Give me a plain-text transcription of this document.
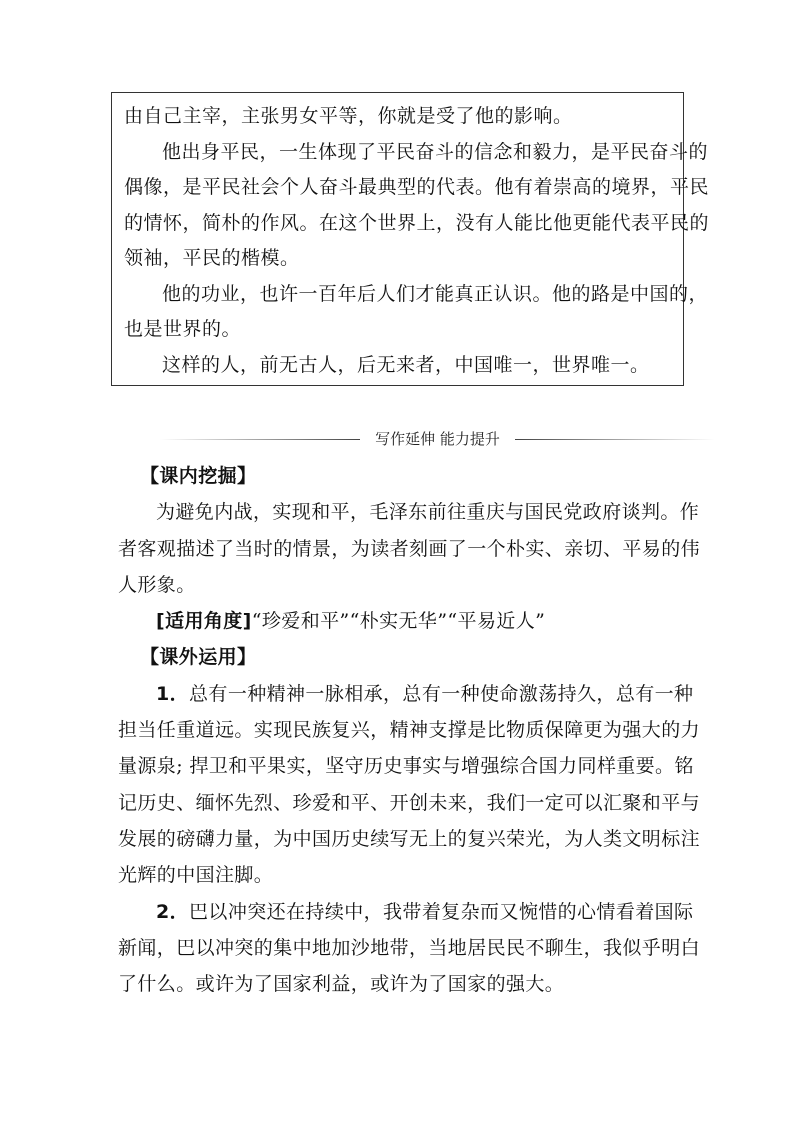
由自己主宰，主张男女平等，你就是受了他的影响。

他出身平民，一生体现了平民奋斗的信念和毅力，是平民奋斗的
偶像，是平民社会个人奋斗最典型的代表。他有着崇高的境界，平民
的情怀，简朴的作风。在这个世界上，没有人能比他更能代表平民的
领袖，平民的楷模。

他的功业，也许一百年后人们才能真正认识。他的路是中国的，
也是世界的。

这样的人，前无古人，后无来者，中国唯一，世界唯一。

写作延伸 能力提升
【课内挖掘】
为避免内战，实现和平，毛泽东前往重庆与国民党政府谈判。作
者客观描述了当时的情景，为读者刻画了一个朴实、亲切、平易的伟
人形象。
[适用角度]“珍爱和平”“朴实无华”“平易近人”
【课外运用】
1．总有一种精神一脉相承，总有一种使命激荡持久，总有一种
担当任重道远。实现民族复兴，精神支撑是比物质保障更为强大的力
量源泉; 捍卫和平果实，坚守历史事实与增强综合国力同样重要。铭
记历史、缅怀先烈、珍爱和平、开创未来，我们一定可以汇聚和平与
发展的磅礴力量，为中国历史续写无上的复兴荣光，为人类文明标注
光辉的中国注脚。
2．巴以冲突还在持续中，我带着复杂而又惋惜的心情看着国际
新闻，巴以冲突的集中地加沙地带，当地居民民不聊生，我似乎明白
了什么。或许为了国家利益，或许为了国家的强大。
